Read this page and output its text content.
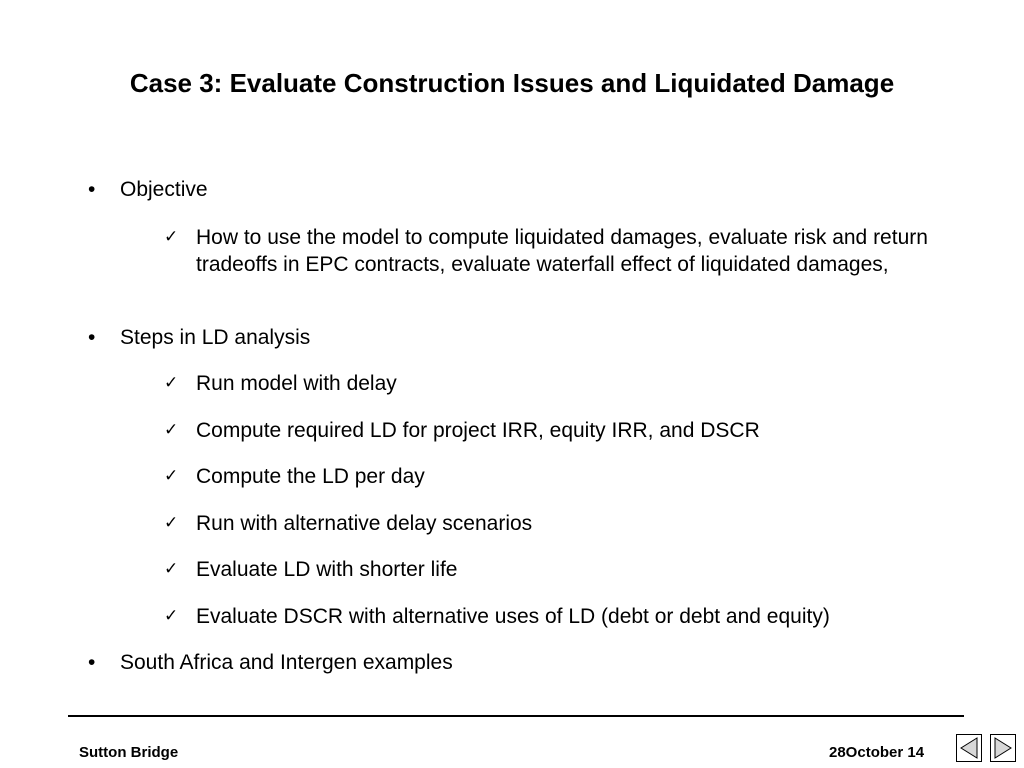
Case 3: Evaluate Construction Issues and Liquidated Damage
•	Objective
✓ How to use the model to compute liquidated damages, evaluate risk and return tradeoffs in EPC contracts, evaluate waterfall effect of liquidated damages,
•	Steps in LD analysis
✓ Run model with delay
✓ Compute required LD for project IRR, equity IRR, and DSCR
✓ Compute the LD per day
✓ Run with alternative delay scenarios
✓ Evaluate LD with shorter life
✓ Evaluate DSCR with alternative uses of LD (debt or debt and equity)
•	South Africa and Intergen examples
Sutton Bridge	28October 14
